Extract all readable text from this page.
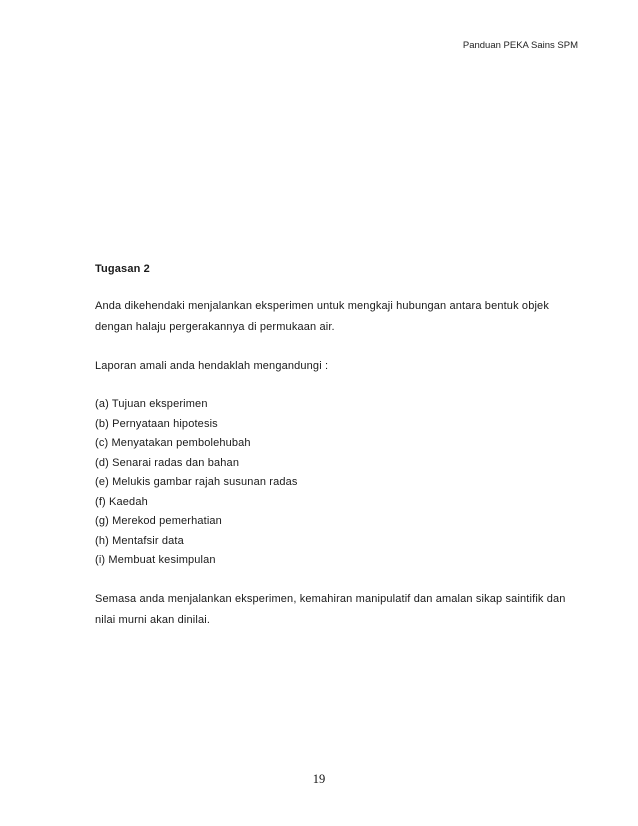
Panduan PEKA Sains SPM

Tugasan 2

Anda dikehendaki menjalankan eksperimen untuk mengkaji hubungan antara bentuk objek

dengan halaju pergerakannya di permukaan air.

Laporan amali anda hendaklah mengandungi :

(a) Tujuan eksperimen
(b) Pernyataan hipotesis
(c) Menyatakan pembolehubah
(d) Senarai radas dan bahan
(e) Melukis gambar rajah susunan radas
(f) Kaedah
(g) Merekod pemerhatian
(h) Mentafsir data
(i) Membuat kesimpulan

Semasa anda menjalankan eksperimen, kemahiran manipulatif dan amalan sikap saintifik dan

nilai murni akan dinilai.

19
